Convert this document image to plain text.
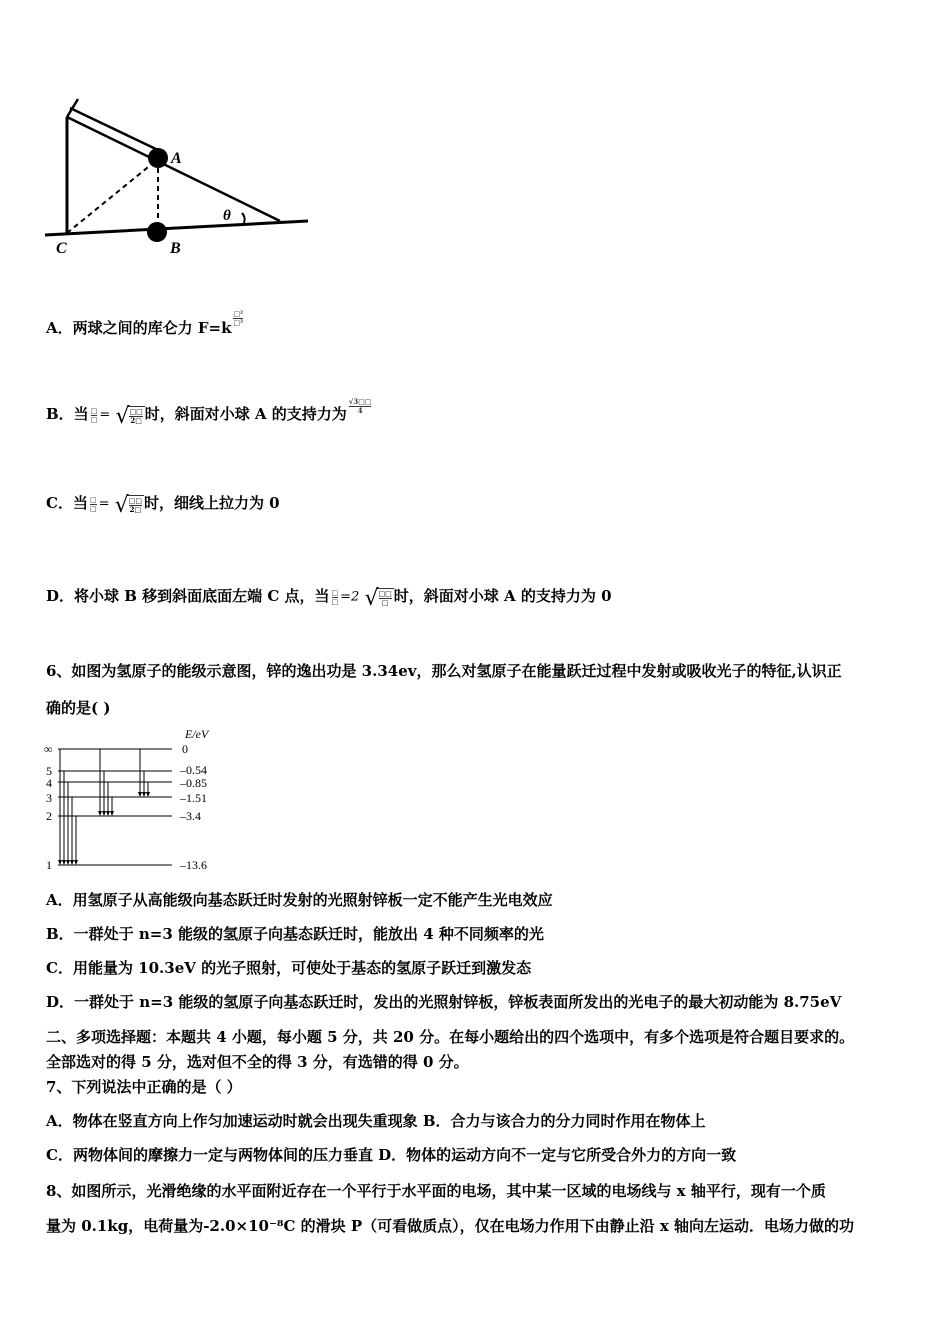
A
B
C
θ
A．两球之间的库仑力 F=k
$\frac{\text{□²}}{\text{□²}}$
B．当 $\frac{□}{□}$ = √ □□
2□ 时，斜面对小球 A 的支持力为 $\frac{√3□□}{4}$
C．当 $\frac{□}{□}$ = √ □□
2□ 时，细线上拉力为 0
D．将小球 B 移到斜面底面左端 C 点，当 $\frac{□}{□} =2$ √ □□
□ 时，斜面对小球 A 的支持力为 0
6、如图为氢原子的能级示意图，锌的逸出功是 3.34ev，那么对氢原子在能量跃迁过程中发射或吸收光子的特征,认识正
确的是( )
E/eV
∞
5
4
3
2
1
0
–0.54
–0.85
–1.51
–3.4
–13.6
A．用氢原子从高能级向基态跃迁时发射的光照射锌板一定不能产生光电效应
B．一群处于 n=3 能级的氢原子向基态跃迁时，能放出 4 种不同频率的光
C．用能量为 10.3eV 的光子照射，可使处于基态的氢原子跃迁到激发态
D．一群处于 n=3 能级的氢原子向基态跃迁时，发出的光照射锌板，锌板表面所发出的光电子的最大初动能为 8.75eV
二、多项选择题：本题共 4 小题，每小题 5 分，共 20 分。在每小题给出的四个选项中，有多个选项是符合题目要求的。
全部选对的得 5 分，选对但不全的得 3 分，有选错的得 0 分。
7、下列说法中正确的是（ ）
A．物体在竖直方向上作匀加速运动时就会出现失重现象 B．合力与该合力的分力同时作用在物体上
C．两物体间的摩擦力一定与两物体间的压力垂直 D．物体的运动方向不一定与它所受合外力的方向一致
8、如图所示，光滑绝缘的水平面附近存在一个平行于水平面的电场，其中某一区域的电场线与 x 轴平行，现有一个质
量为 0.1kg，电荷量为-2.0×10⁻⁸C 的滑块 P（可看做质点），仅在电场力作用下由静止沿 x 轴向左运动．电场力做的功
